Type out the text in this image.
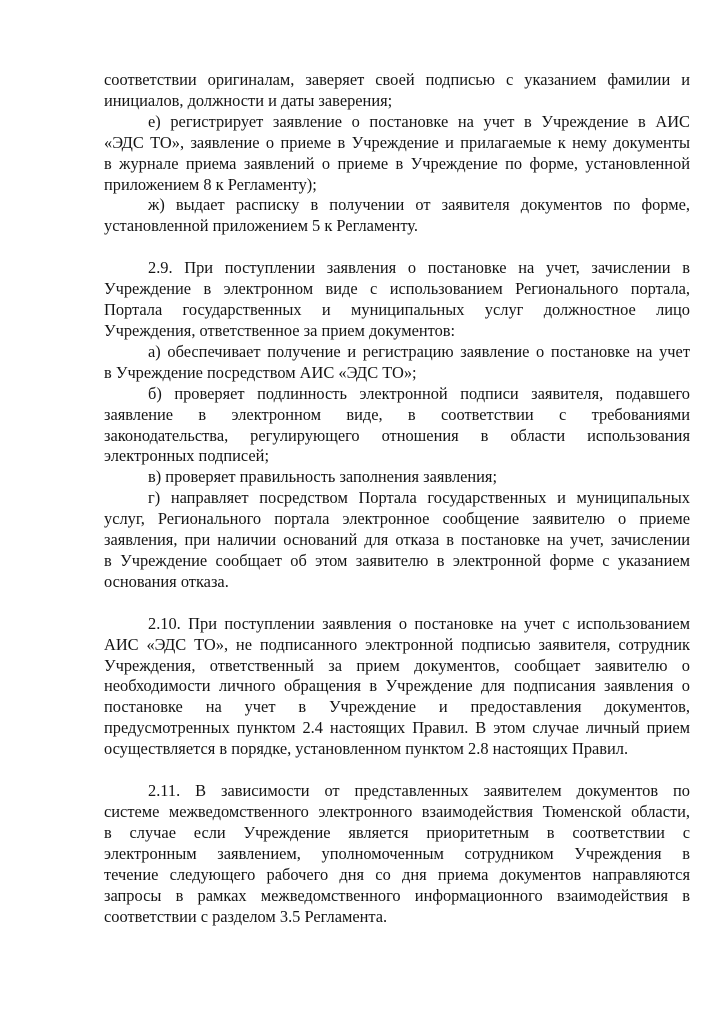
соответствии оригиналам, заверяет своей подписью с указанием фамилии и
инициалов, должности и даты заверения;

е) регистрирует заявление о постановке на учет в Учреждение в АИС
«ЭДС ТО», заявление о приеме в Учреждение и прилагаемые к нему документы
в журнале приема заявлений о приеме в Учреждение по форме, установленной
приложением 8 к Регламенту);

ж) выдает расписку в получении от заявителя документов по форме,
установленной приложением 5 к Регламенту.

2.9. При поступлении заявления о постановке на учет, зачислении в
Учреждение в электронном виде с использованием Регионального портала,
Портала государственных и муниципальных услуг должностное лицо
Учреждения, ответственное за прием документов:

а) обеспечивает получение и регистрацию заявление о постановке на учет
в Учреждение посредством АИС «ЭДС ТО»;

б) проверяет подлинность электронной подписи заявителя, подавшего
заявление в электронном виде, в соответствии с требованиями
законодательства, регулирующего отношения в области использования
электронных подписей;

в) проверяет правильность заполнения заявления;

г) направляет посредством Портала государственных и муниципальных
услуг, Регионального портала электронное сообщение заявителю о приеме
заявления, при наличии оснований для отказа в постановке на учет, зачислении
в Учреждение сообщает об этом заявителю в электронной форме с указанием
основания отказа.

2.10. При поступлении заявления о постановке на учет с использованием
АИС «ЭДС ТО», не подписанного электронной подписью заявителя, сотрудник
Учреждения, ответственный за прием документов, сообщает заявителю о
необходимости личного обращения в Учреждение для подписания заявления о
постановке на учет в Учреждение и предоставления документов,
предусмотренных пунктом 2.4 настоящих Правил. В этом случае личный прием
осуществляется в порядке, установленном пунктом 2.8 настоящих Правил.

2.11. В зависимости от представленных заявителем документов по
системе межведомственного электронного взаимодействия Тюменской области,
в случае если Учреждение является приоритетным в соответствии с
электронным заявлением, уполномоченным сотрудником Учреждения в
течение следующего рабочего дня со дня приема документов направляются
запросы в рамках межведомственного информационного взаимодействия в
соответствии с разделом 3.5 Регламента.
